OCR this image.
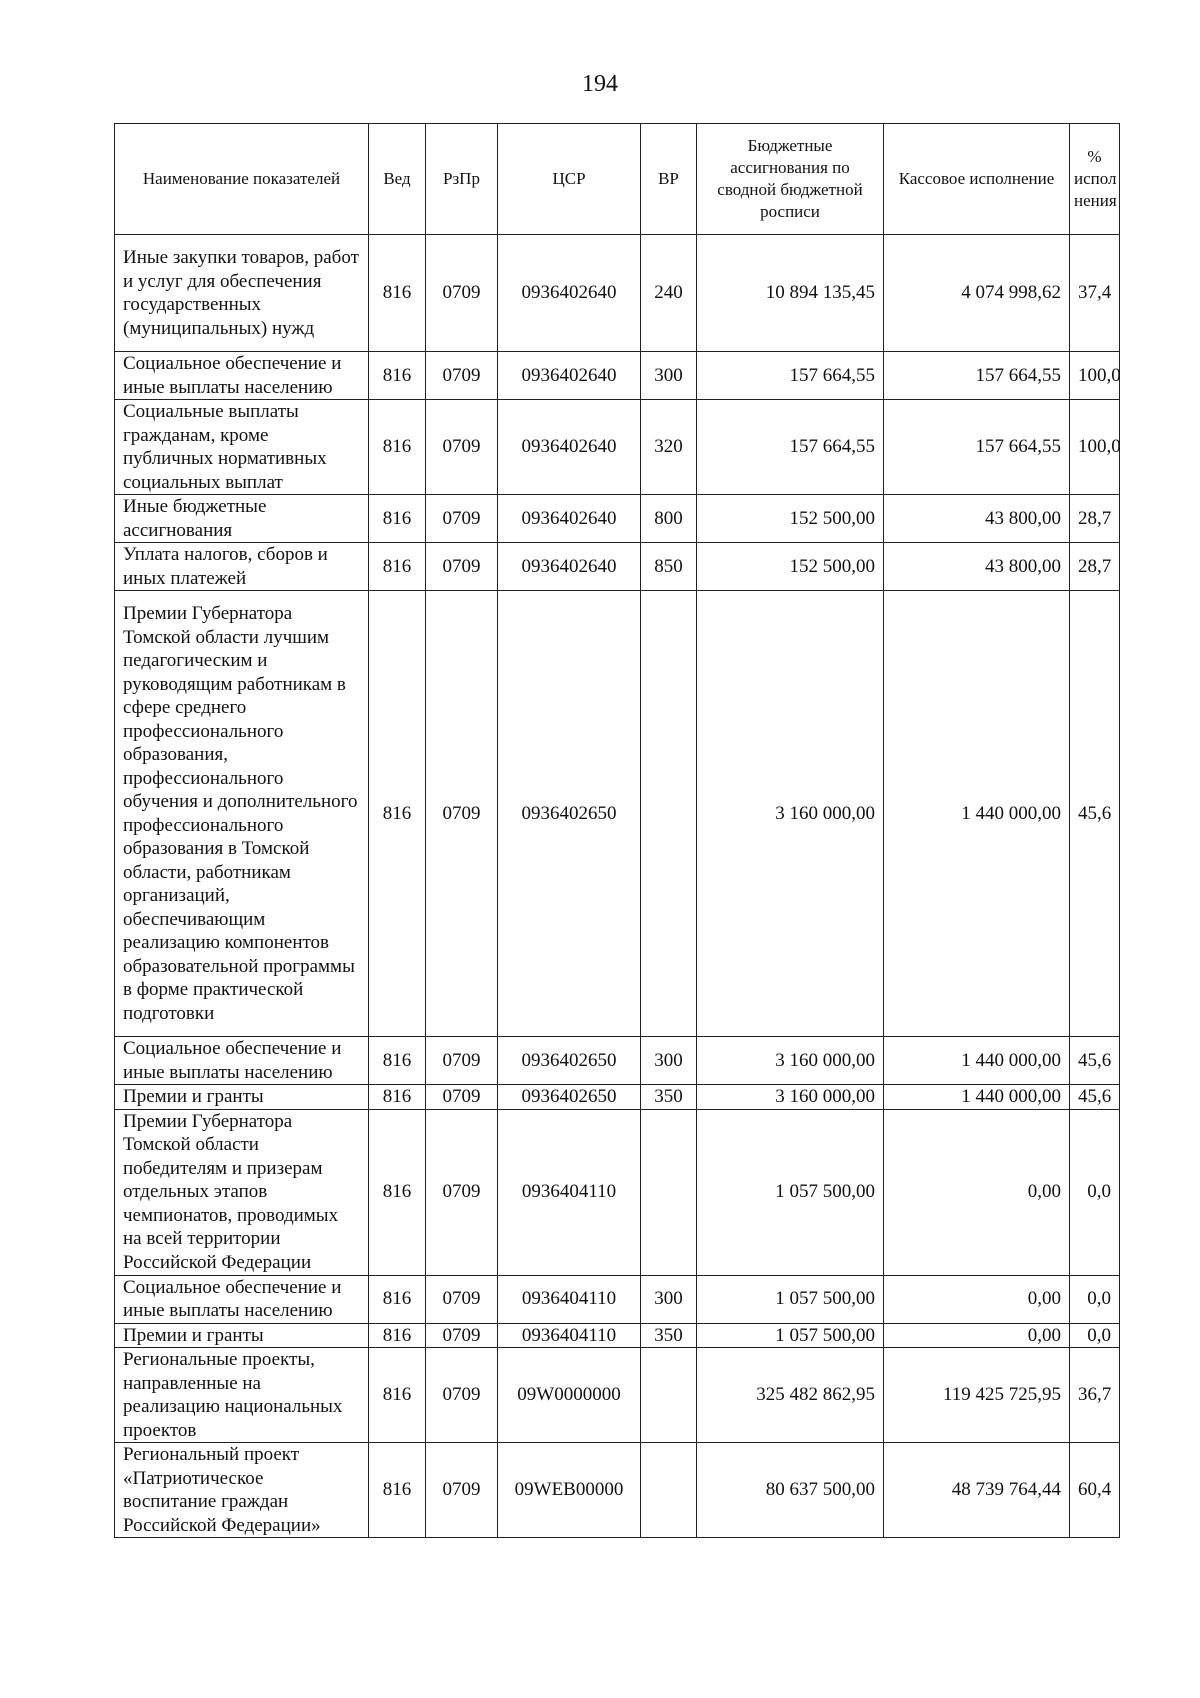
194
Наименование показателей	Вед	РзПр	ЦСР	ВР	Бюджетные ассигнования по сводной бюджетной росписи	Кассовое исполнение	% испол нения
Иные закупки товаров, работ и услуг для обеспечения государственных (муниципальных) нужд	816	0709	0936402640	240	10 894 135,45	4 074 998,62	37,4
Социальное обеспечение и иные выплаты населению	816	0709	0936402640	300	157 664,55	157 664,55	100,0
Социальные выплаты гражданам, кроме публичных нормативных социальных выплат	816	0709	0936402640	320	157 664,55	157 664,55	100,0
Иные бюджетные ассигнования	816	0709	0936402640	800	152 500,00	43 800,00	28,7
Уплата налогов, сборов и иных платежей	816	0709	0936402640	850	152 500,00	43 800,00	28,7
Премии Губернатора Томской области лучшим педагогическим и руководящим работникам в сфере среднего профессионального образования, профессионального обучения и дополнительного профессионального образования в Томской области, работникам организаций, обеспечивающим реализацию компонентов образовательной программы в форме практической подготовки	816	0709	0936402650		3 160 000,00	1 440 000,00	45,6
Социальное обеспечение и иные выплаты населению	816	0709	0936402650	300	3 160 000,00	1 440 000,00	45,6
Премии и гранты	816	0709	0936402650	350	3 160 000,00	1 440 000,00	45,6
Премии Губернатора Томской области победителям и призерам отдельных этапов чемпионатов, проводимых на всей территории Российской Федерации	816	0709	0936404110		1 057 500,00	0,00	0,0
Социальное обеспечение и иные выплаты населению	816	0709	0936404110	300	1 057 500,00	0,00	0,0
Премии и гранты	816	0709	0936404110	350	1 057 500,00	0,00	0,0
Региональные проекты, направленные на реализацию национальных проектов	816	0709	09W0000000		325 482 862,95	119 425 725,95	36,7
Региональный проект «Патриотическое воспитание граждан Российской Федерации»	816	0709	09WEB00000		80 637 500,00	48 739 764,44	60,4
